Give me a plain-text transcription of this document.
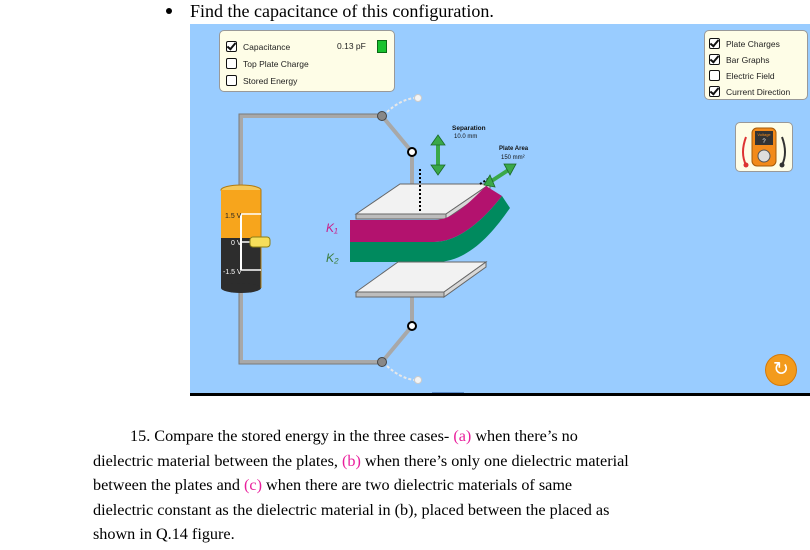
Find the capacitance of this configuration.
Capacitance
Top Plate Charge
Stored Energy
0.13 pF	Plate Charges
Bar Graphs
Electric Field
Current Direction
1.5 V
0 V
-1.5 V
Separation
10.0 mm
Plate Area
150 mm²
K₁
K₂
Voltage
?
↻
15. Compare the stored energy in the three cases- (a) when there’s no
dielectric material between the plates, (b) when there’s only one dielectric material
between the plates and (c) when there are two dielectric materials of same
dielectric constant as the dielectric material in (b), placed between the placed as
shown in Q.14 figure.
